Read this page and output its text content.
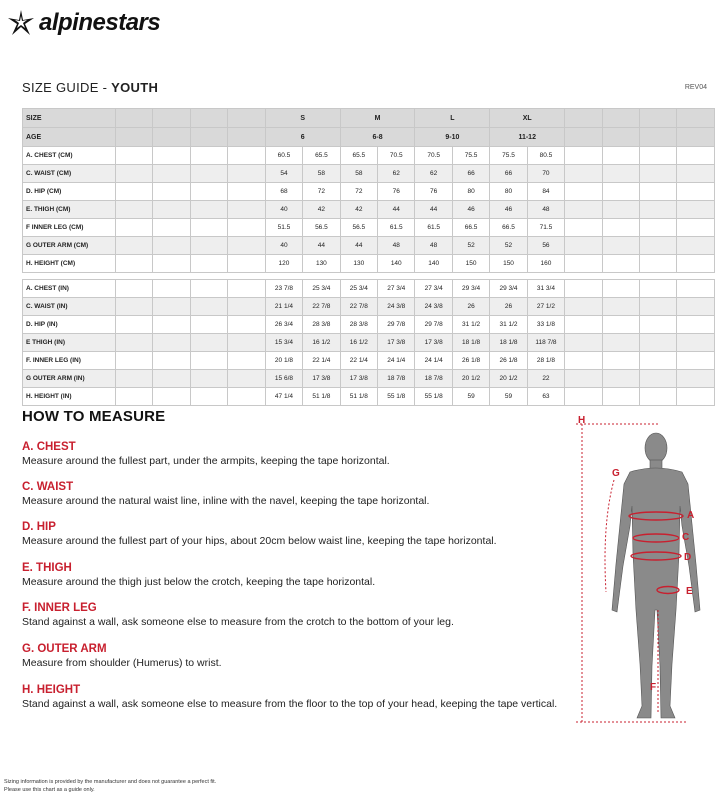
alpinestars
SIZE GUIDE - YOUTH	REV04
SIZE					S		M		L		XL					
AGE					6		6-8		9-10		11-12					
A. CHEST (CM)					60.5	65.5	65.5	70.5	70.5	75.5	75.5	80.5				
C. WAIST (CM)					54	58	58	62	62	66	66	70				
D. HIP (CM)					68	72	72	76	76	80	80	84				
E. THIGH (CM)					40	42	42	44	44	46	46	48				
F INNER LEG (CM)					51.5	56.5	56.5	61.5	61.5	66.5	66.5	71.5				
G OUTER ARM (CM)					40	44	44	48	48	52	52	56				
H. HEIGHT (CM)					120	130	130	140	140	150	150	160				

A. CHEST (IN)					23 7/8	25 3/4	25 3/4	27 3/4	27 3/4	29 3/4	29 3/4	31 3/4				
C. WAIST (IN)					21 1/4	22 7/8	22 7/8	24 3/8	24 3/8	26	26	27 1/2				
D. HIP (IN)					26 3/4	28 3/8	28 3/8	29 7/8	29 7/8	31 1/2	31 1/2	33 1/8				
E THIGH (IN)					15 3/4	16 1/2	16 1/2	17 3/8	17 3/8	18 1/8	18 1/8	118 7/8				
F. INNER LEG (IN)					20 1/8	22 1/4	22 1/4	24 1/4	24 1/4	26 1/8	26 1/8	28 1/8				
G OUTER ARM (IN)					15 6/8	17 3/8	17 3/8	18 7/8	18 7/8	20 1/2	20 1/2	22				
H. HEIGHT (IN)					47 1/4	51 1/8	51 1/8	55 1/8	55 1/8	59	59	63				
HOW TO MEASURE
A. CHEST
Measure around the fullest part, under the armpits, keeping the tape horizontal.
C. WAIST
Measure around the natural waist line, inline with the navel, keeping the tape horizontal.
D. HIP
Measure around the fullest part of your hips, about 20cm below waist line, keeping the tape horizontal.
E. THIGH
Measure around the thigh just below the crotch, keeping the tape horizontal.
F. INNER LEG
Stand against a wall, ask someone else to measure from the crotch to the bottom of your leg.
G. OUTER ARM
Measure from shoulder (Humerus) to wrist.
H. HEIGHT
Stand against a wall, ask someone else to measure from the floor to the top of your head, keeping the tape vertical.
H
G
A
C
D
E
F
Sizing information is provided by the manufacturer and does not guarantee a perfect fit.
Please use this chart as a guide only.
